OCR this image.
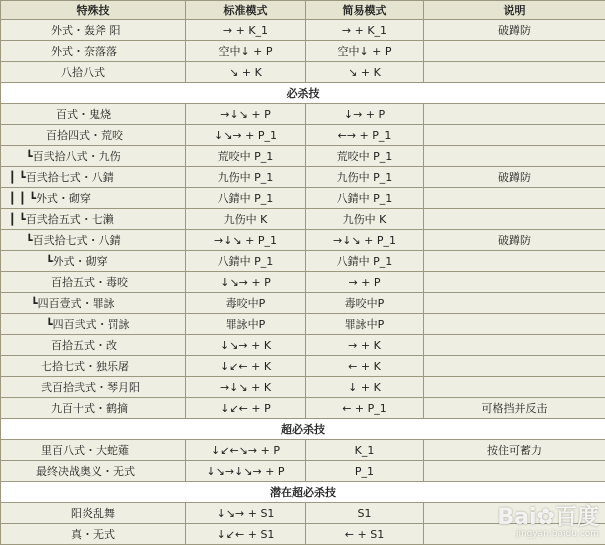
特殊技	标准模式	简易模式	说明
外式・轰斧 阳	→ + K_1	→ + K_1	破蹲防
外式・奈落落	空中↓ + P	空中↓ + P	
八拾八式	↘ + K	↘ + K	
必杀技			
百式・鬼烧	→↓↘ + P	↓→ + P	
百拾四式・荒咬	↓↘→ + P_1	←→ + P_1	
┗百弐拾八式・九伤	荒咬中 P_1	荒咬中 P_1	
┃ ┗百弐拾七式・八錆	九伤中 P_1	九伤中 P_1	破蹲防
┃ ┃ ┗外式・砌穿	八錆中 P_1	八錆中 P_1	
┃ ┗百弐拾五式・七濑	九伤中 K	九伤中 K	
┗百弐拾七式・八錆	→↓↘ + P_1	→↓↘ + P_1	破蹲防
┗外式・砌穿	八錆中 P_1	八錆中 P_1	
百拾五式・毒咬	↓↘→ + P	→ + P	
┗四百壹式・罪詠	毒咬中P	毒咬中P	
┗四百弐式・罚詠	罪詠中P	罪詠中P	
百拾五式・改	↓↘→ + K	→ + K	
七拾七式・独乐屠	↓↙← + K	← + K	
弐百拾弐式・琴月阳	→↓↘ + K	↓ + K	
九百十式・鹤摘	↓↙← + P	← + P_1	可格挡并反击
超必杀技			
里百八式・大蛇薙	↓↙←↘→ + P	K_1	按住可蓄力
最终决战奥义・无式	↓↘→↓↘→ + P	P_1	
潜在超必杀技			
阳炎乱舞	↓↘→ + S1	S1	
真・无式	↓↙← + S1	← + S1	
Bai✿百度
jingyan.baidu.com
